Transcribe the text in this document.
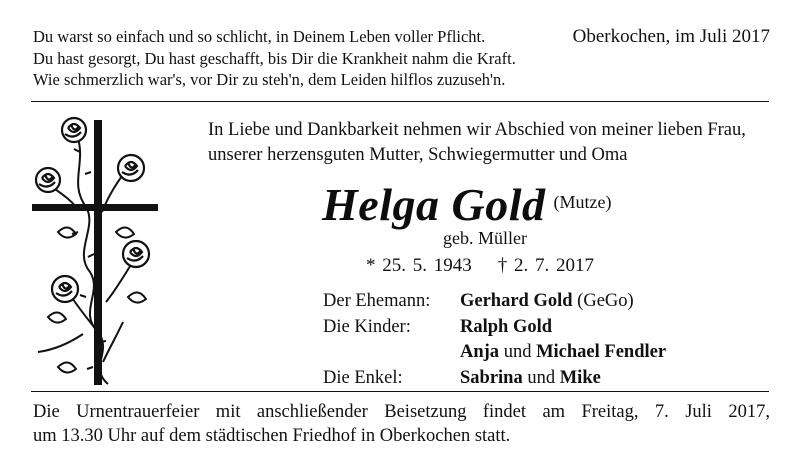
Du warst so einfach und so schlicht, in Deinem Leben voller Pflicht.
Du hast gesorgt, Du hast geschafft, bis Dir die Krankheit nahm die Kraft.
Wie schmerzlich war's, vor Dir zu steh'n, dem Leiden hilflos zuzuseh'n.
Oberkochen, im Juli 2017
In Liebe und Dankbarkeit nehmen wir Abschied von meiner lieben Frau,
unserer herzensguten Mutter, Schwiegermutter und Oma
Helga Gold (Mutze)
geb. Müller
* 25. 5. 1943 † 2. 7. 2017
Der Ehemann:	Gerhard Gold (GeGo)
Die Kinder:	Ralph Gold
Anja und Michael Fendler
Die Enkel:	Sabrina und Mike
Die Urnentrauerfeier mit anschließender Beisetzung findet am Freitag, 7. Juli 2017,
um 13.30 Uhr auf dem städtischen Friedhof in Oberkochen statt.
